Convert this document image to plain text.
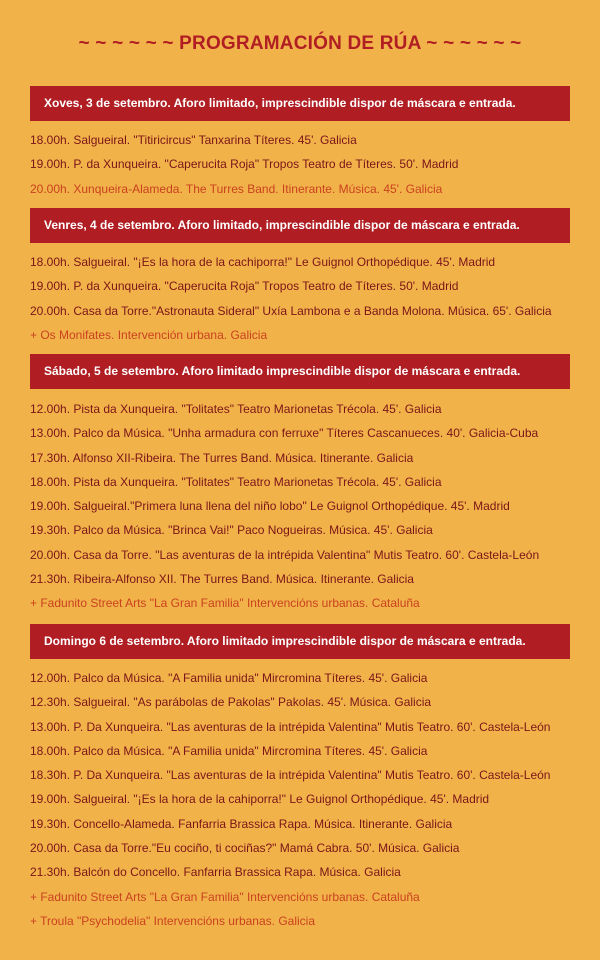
~ ~ ~ ~ ~ ~ PROGRAMACIÓN DE RÚA ~ ~ ~ ~ ~ ~
Xoves, 3 de setembro. Aforo limitado, imprescindible dispor de máscara e entrada.
18.00h. Salgueiral. "Titiricircus" Tanxarina Títeres. 45'. Galicia
19.00h. P. da Xunqueira. "Caperucita Roja" Tropos Teatro de Títeres. 50'. Madrid
20.00h. Xunqueira-Alameda. The Turres Band. Itinerante. Música. 45'. Galicia
Venres, 4 de setembro. Aforo limitado, imprescindible dispor de máscara e entrada.
18.00h. Salgueiral. "¡Es la hora de la cachiporra!" Le Guignol Orthopédique. 45'. Madrid
19.00h. P. da Xunqueira. "Caperucita Roja" Tropos Teatro de Títeres. 50'. Madrid
20.00h. Casa da Torre."Astronauta Sideral" Uxía Lambona e a Banda Molona. Música. 65'. Galicia
+ Os Monifates. Intervención urbana. Galicia
Sábado, 5 de setembro. Aforo limitado imprescindible dispor de máscara e entrada.
12.00h. Pista da Xunqueira. "Tolitates" Teatro Marionetas Trécola. 45'. Galicia
13.00h. Palco da Música. "Unha armadura con ferruxe" Títeres Cascanueces. 40'. Galicia-Cuba
17.30h. Alfonso XII-Ribeira. The Turres Band. Música. Itinerante. Galicia
18.00h. Pista da Xunqueira. "Tolitates" Teatro Marionetas Trécola. 45'. Galicia
19.00h. Salgueiral."Primera luna llena del niño lobo" Le Guignol Orthopédique. 45'. Madrid
19.30h. Palco da Música. "Brinca Vai!" Paco Nogueiras. Música. 45'. Galicia
20.00h. Casa da Torre. "Las aventuras de la intrépida Valentina" Mutis Teatro. 60'. Castela-León
21.30h. Ribeira-Alfonso XII. The Turres Band. Música. Itinerante. Galicia
+ Fadunito Street Arts "La Gran Familia" Intervencións urbanas. Cataluña
Domingo 6 de setembro. Aforo limitado imprescindible dispor de máscara e entrada.
12.00h. Palco da Música. "A Familia unida" Mircromina Títeres. 45'. Galicia
12.30h. Salgueiral. "As parábolas de Pakolas" Pakolas. 45'. Música. Galicia
13.00h. P. Da Xunqueira. "Las aventuras de la intrépida Valentina" Mutis Teatro. 60'. Castela-León
18.00h. Palco da Música. "A Familia unida" Mircromina Títeres. 45'. Galicia
18.30h. P. Da Xunqueira. "Las aventuras de la intrépida Valentina" Mutis Teatro. 60'. Castela-León
19.00h. Salgueiral. "¡Es la hora de la cahiporra!" Le Guignol Orthopédique. 45'. Madrid
19.30h. Concello-Alameda. Fanfarria Brassica Rapa. Música. Itinerante. Galicia
20.00h. Casa da Torre."Eu cociño, ti cociñas?" Mamá Cabra. 50'. Música. Galicia
21.30h. Balcón do Concello. Fanfarria Brassica Rapa. Música. Galicia
+ Fadunito Street Arts "La Gran Familia" Intervencións urbanas. Cataluña
+ Troula "Psychodelia" Intervencións urbanas. Galicia
